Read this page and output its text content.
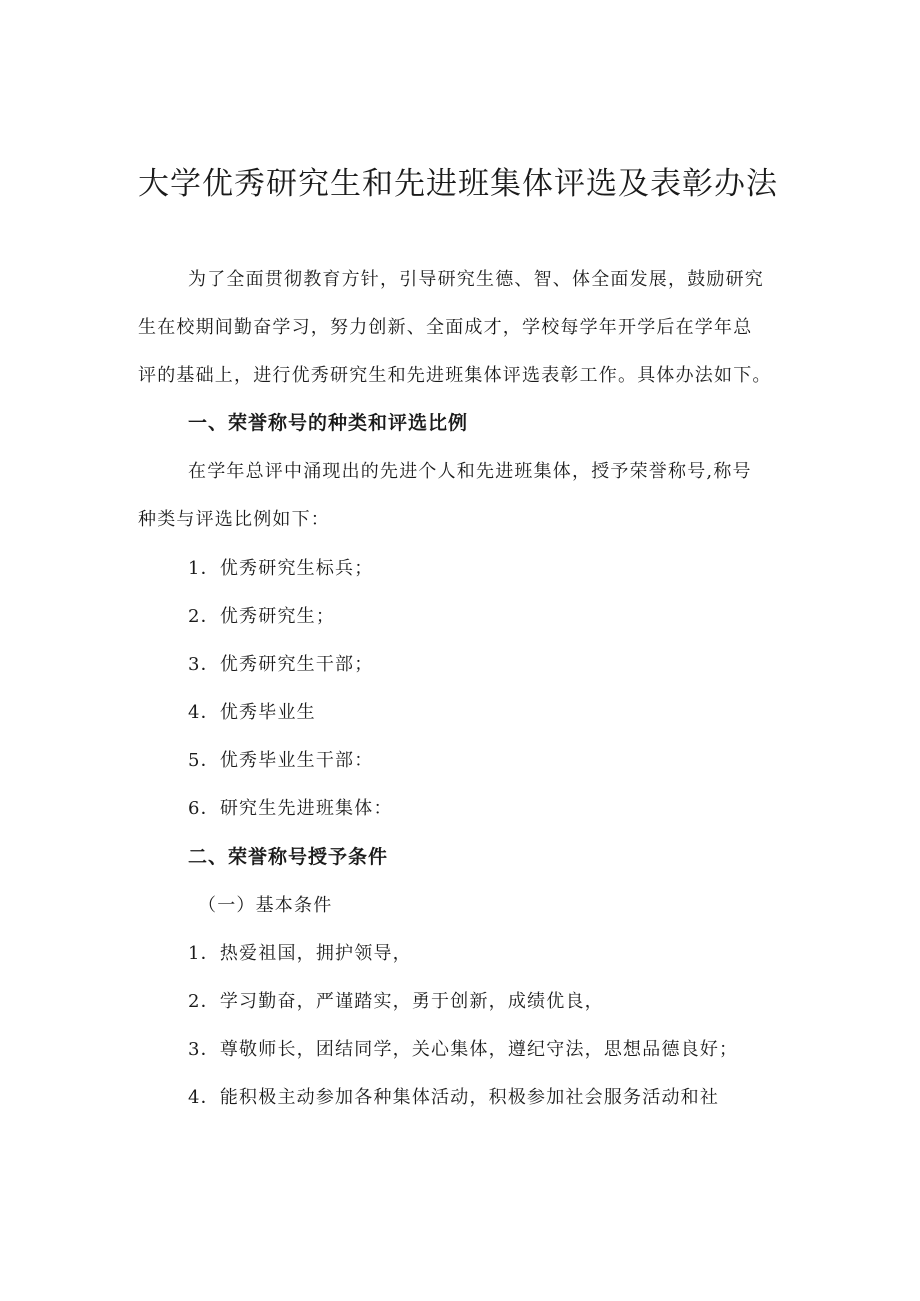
大学优秀研究生和先进班集体评选及表彰办法
为了全面贯彻教育方针，引导研究生德、智、体全面发展，鼓励研究
生在校期间勤奋学习，努力创新、全面成才，学校每学年开学后在学年总
评的基础上，进行优秀研究生和先进班集体评选表彰工作。具体办法如下。
一、荣誉称号的种类和评选比例
在学年总评中涌现出的先进个人和先进班集体，授予荣誉称号,称号
种类与评选比例如下：
1．优秀研究生标兵；
2．优秀研究生；
3．优秀研究生干部；
4．优秀毕业生
5．优秀毕业生干部：
6．研究生先进班集体：
二、荣誉称号授予条件
（一）基本条件
1．热爱祖国，拥护领导，
2．学习勤奋，严谨踏实，勇于创新，成绩优良，
3．尊敬师长，团结同学，关心集体，遵纪守法，思想品德良好；
4．能积极主动参加各种集体活动，积极参加社会服务活动和社
